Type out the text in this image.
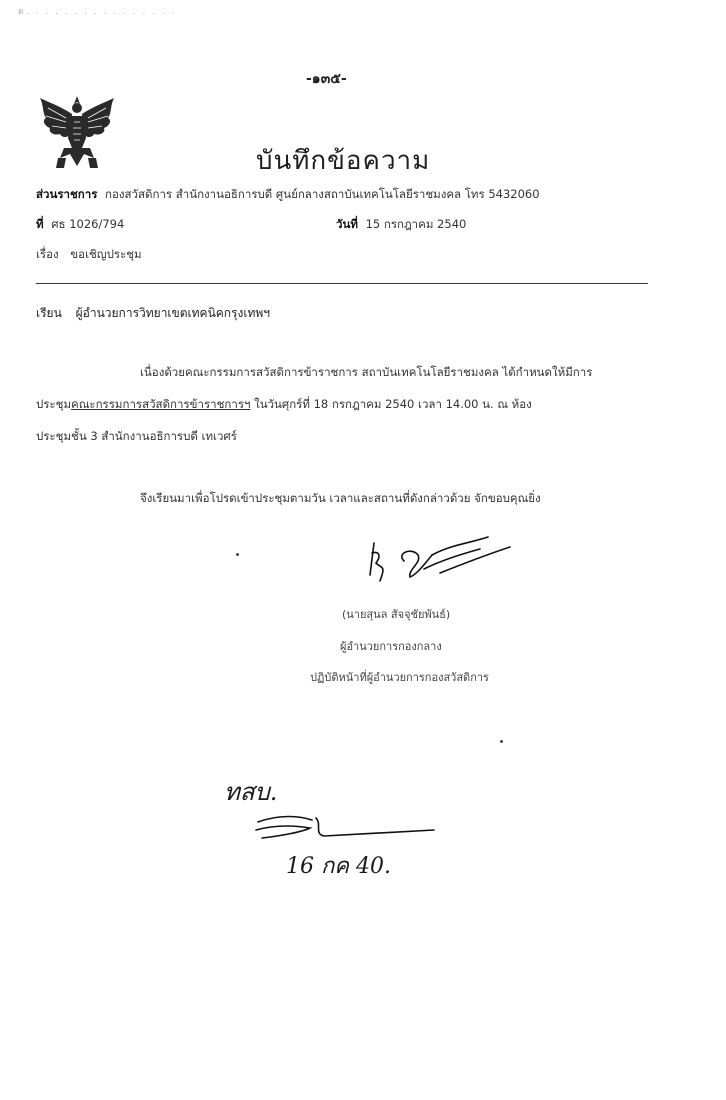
ด. . . . . . . . . . . . . . . .
-๑๓๕-
บันทึกข้อความ
ส่วนราชการ กองสวัสดิการ สำนักงานอธิการบดี ศูนย์กลางสถาบันเทคโนโลยีราชมงคล โทร 5432060
ที่ ศธ 1026/794	วันที่ 15 กรกฎาคม 2540
เรื่อง ขอเชิญประชุม
เรียน ผู้อำนวยการวิทยาเขตเทคนิคกรุงเทพฯ
เนื่องด้วยคณะกรรมการสวัสดิการข้าราชการ สถาบันเทคโนโลยีราชมงคล ได้กำหนดให้มีการ
ประชุมคณะกรรมการสวัสดิการข้าราชการฯ ในวันศุกร์ที่ 18 กรกฎาคม 2540 เวลา 14.00 น. ณ ห้อง
ประชุมชั้น 3 สำนักงานอธิการบดี เทเวศร์
จึงเรียนมาเพื่อโปรดเข้าประชุมตามวัน เวลาและสถานที่ดังกล่าวด้วย จักขอบคุณยิ่ง
(นายสุนล สัจจุชัยพันธ์)
ผู้อำนวยการกองกลาง
ปฏิบัติหน้าที่ผู้อำนวยการกองสวัสดิการ
ทสบ.
16 กค 40.
